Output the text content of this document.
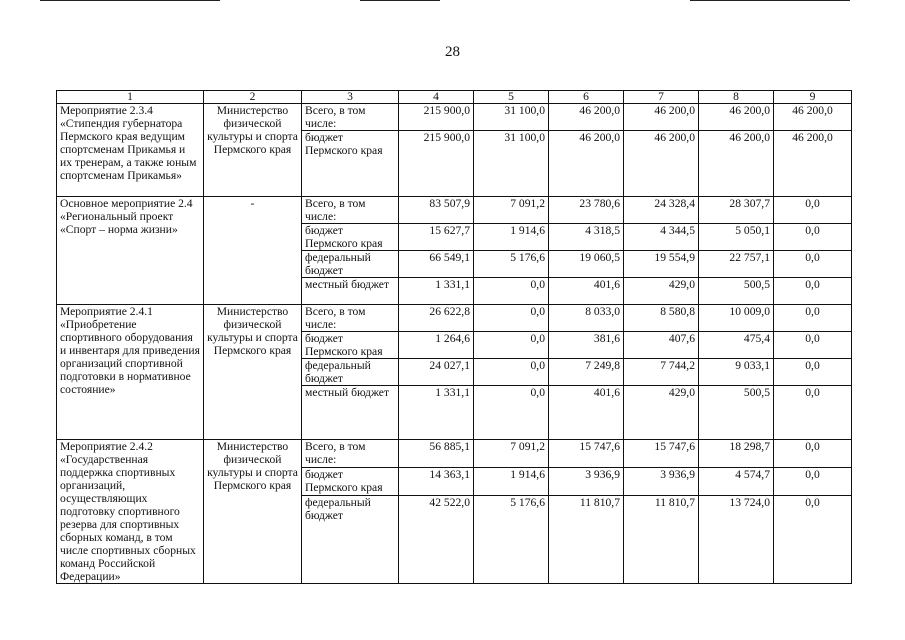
28
1	2	3	4	5	6	7	8	9
Мероприятие 2.3.4 «Стипендия губернатора Пермского края ведущим спортсменам Прикамья и их тренерам, а также юным спортсменам Прикамья»	Министерство физической культуры и спорта Пермского края	Всего, в том числе:	215 900,0	31 100,0	46 200,0	46 200,0	46 200,0	46 200,0
		бюджет Пермского края	215 900,0	31 100,0	46 200,0	46 200,0	46 200,0	46 200,0
Основное мероприятие 2.4 «Региональный проект «Спорт – норма жизни»	-	Всего, в том числе:	83 507,9	7 091,2	23 780,6	24 328,4	28 307,7	0,0
		бюджет Пермского края	15 627,7	1 914,6	4 318,5	4 344,5	5 050,1	0,0
		федеральный бюджет	66 549,1	5 176,6	19 060,5	19 554,9	22 757,1	0,0
		местный бюджет	1 331,1	0,0	401,6	429,0	500,5	0,0
Мероприятие 2.4.1 «Приобретение спортивного оборудования и инвентаря для приведения организаций спортивной подготовки в нормативное состояние»	Министерство физической культуры и спорта Пермского края	Всего, в том числе:	26 622,8	0,0	8 033,0	8 580,8	10 009,0	0,0
		бюджет Пермского края	1 264,6	0,0	381,6	407,6	475,4	0,0
		федеральный бюджет	24 027,1	0,0	7 249,8	7 744,2	9 033,1	0,0
		местный бюджет	1 331,1	0,0	401,6	429,0	500,5	0,0
Мероприятие 2.4.2 «Государственная поддержка спортивных организаций, осуществляющих подготовку спортивного резерва для спортивных сборных команд, в том числе спортивных сборных команд Российской Федерации»	Министерство физической культуры и спорта Пермского края	Всего, в том числе:	56 885,1	7 091,2	15 747,6	15 747,6	18 298,7	0,0
		бюджет Пермского края	14 363,1	1 914,6	3 936,9	3 936,9	4 574,7	0,0
		федеральный бюджет	42 522,0	5 176,6	11 810,7	11 810,7	13 724,0	0,0
